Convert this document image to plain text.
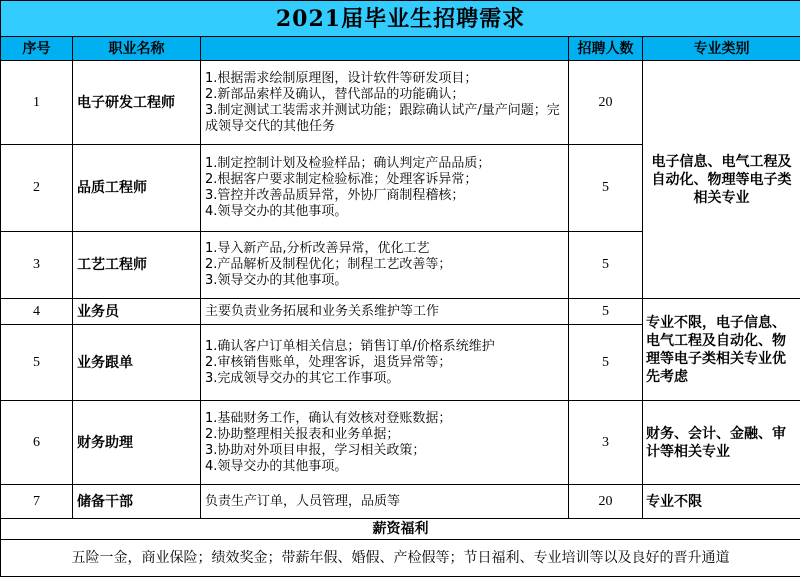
2021届毕业生招聘需求				
序号	职业名称		招聘人数	专业类别
1	电子研发工程师	1.根据需求绘制原理图，设计软件等研发项目；
2.新部品索样及确认，替代部品的功能确认；
3.制定测试工装需求并测试功能；跟踪确认试产/量产问题；完成领导交代的其他任务	20	电子信息、电气工程及自动化、物理等电子类相关专业
2	品质工程师	1.制定控制计划及检验样品；确认判定产品品质；
2.根据客户要求制定检验标准；处理客诉异常；
3.管控并改善品质异常，外协厂商制程稽核；
4.领导交办的其他事项。	5	
3	工艺工程师	1.导入新产品,分析改善异常，优化工艺
2.产品解析及制程优化；制程工艺改善等；
3.领导交办的其他事项。	5	
4	业务员	主要负责业务拓展和业务关系维护等工作	5	专业不限，电子信息、电气工程及自动化、物理等电子类相关专业优先考虑
5	业务跟单	1.确认客户订单相关信息；销售订单/价格系统维护
2.审核销售账单，处理客诉，退货异常等；
3.完成领导交办的其它工作事项。	5	
6	财务助理	1.基础财务工作，确认有效核对登账数据；
2.协助整理相关报表和业务单据；
3.协助对外项目申报，学习相关政策；
4.领导交办的其他事项。	3	财务、会计、金融、审计等相关专业
7	储备干部	负责生产订单，人员管理，品质等	20	专业不限
薪资福利				
五险一金，商业保险；绩效奖金；带薪年假、婚假、产检假等；节日福利、专业培训等以及良好的晋升通道				
